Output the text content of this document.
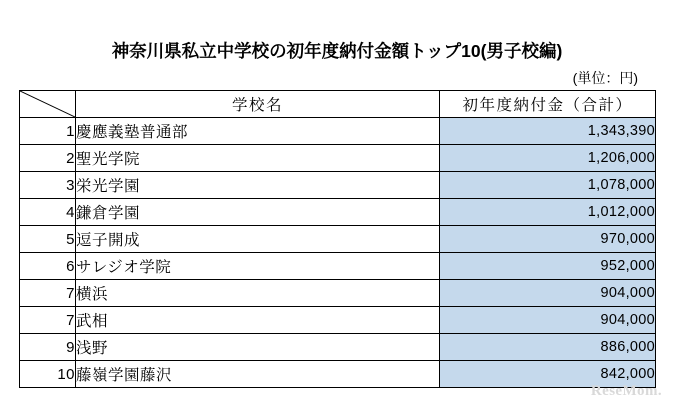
神奈川県私立中学校の初年度納付金額トップ10(男子校編)
(単位：円)
	学校名	初年度納付金（合計）
1	慶應義塾普通部	1,343,390
2	聖光学院	1,206,000
3	栄光学園	1,078,000
4	鎌倉学園	1,012,000
5	逗子開成	970,000
6	サレジオ学院	952,000
7	横浜	904,000
7	武相	904,000
9	浅野	886,000
10	藤嶺学園藤沢	842,000
ReseMom.
